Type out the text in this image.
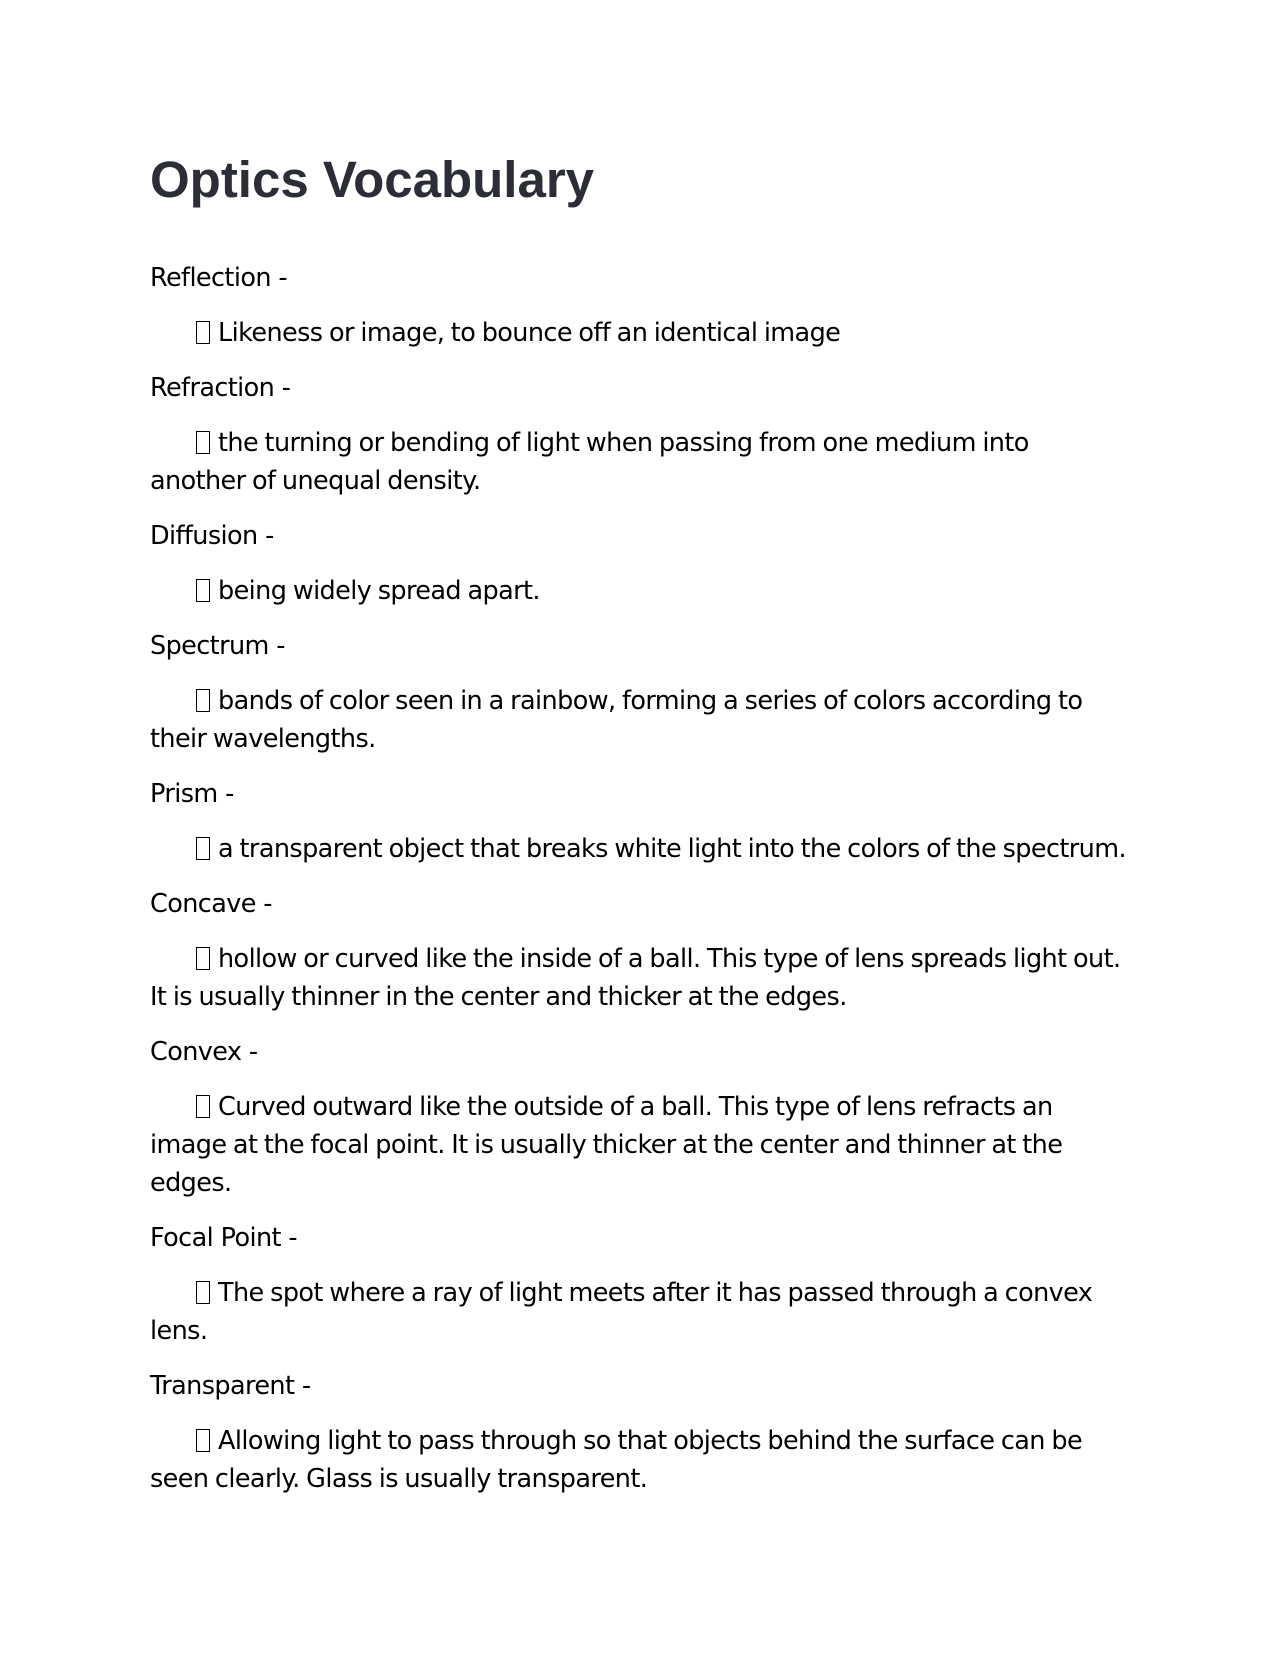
Optics Vocabulary

Reflection -

Likeness or image, to bounce off an identical image

Refraction -

the turning or bending of light when passing from one medium into another of unequal density.

Diffusion -

being widely spread apart.

Spectrum -

bands of color seen in a rainbow, forming a series of colors according to their wavelengths.

Prism -

a transparent object that breaks white light into the colors of the spectrum.

Concave -

hollow or curved like the inside of a ball. This type of lens spreads light out. It is usually thinner in the center and thicker at the edges.

Convex -

Curved outward like the outside of a ball. This type of lens refracts an image at the focal point. It is usually thicker at the center and thinner at the edges.

Focal Point -

The spot where a ray of light meets after it has passed through a convex lens.

Transparent -

Allowing light to pass through so that objects behind the surface can be seen clearly. Glass is usually transparent.
